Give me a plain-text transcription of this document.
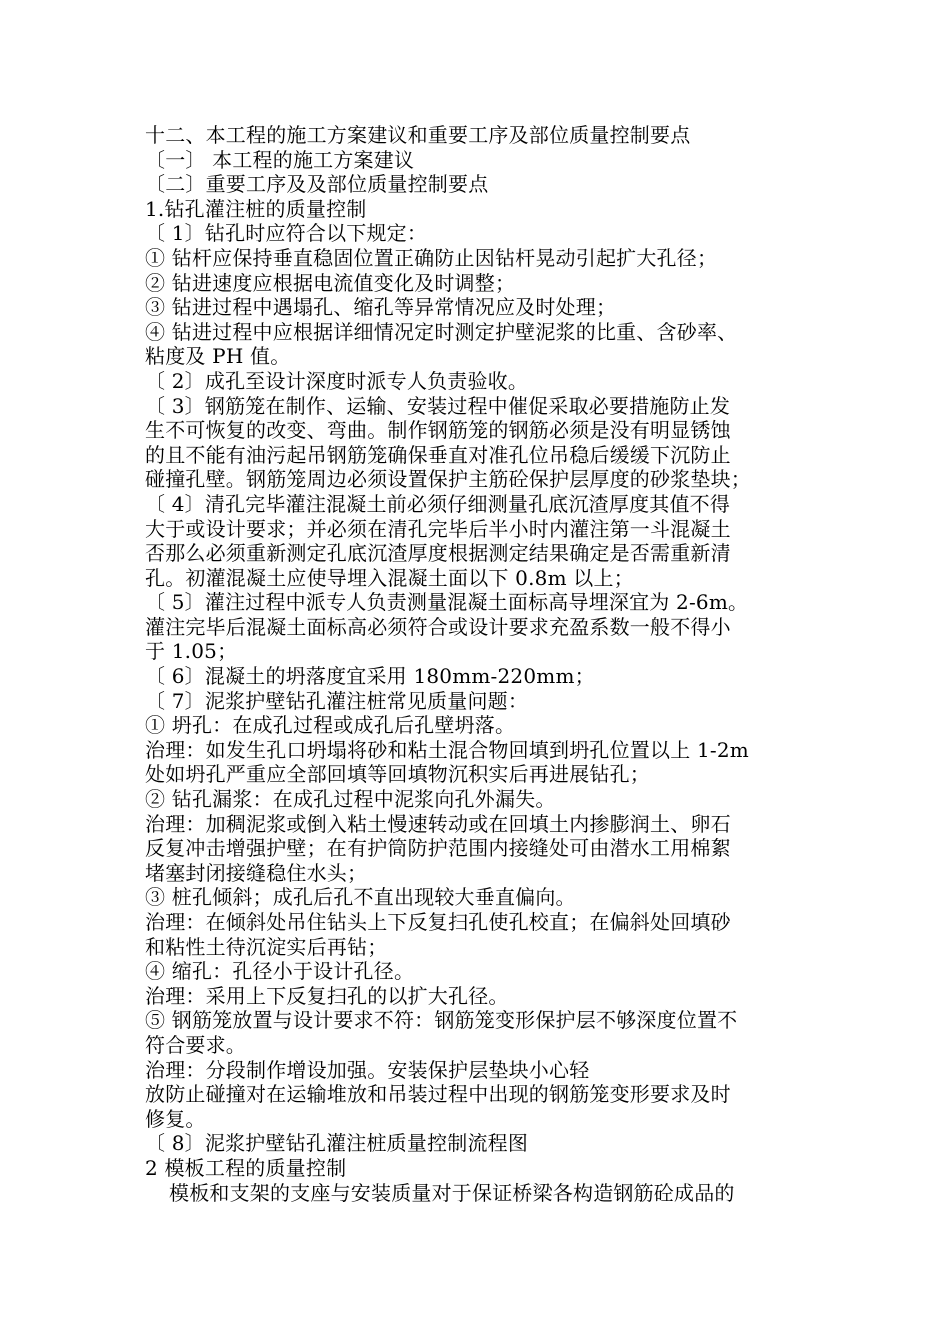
十二、本工程的施工方案建议和重要工序及部位质量控制要点
〔一〕 本工程的施工方案建议
〔二〕重要工序及及部位质量控制要点
1.钻孔灌注桩的质量控制
〔 1〕钻孔时应符合以下规定：
① 钻杆应保持垂直稳固位置正确防止因钻杆晃动引起扩大孔径；
② 钻进速度应根据电流值变化及时调整；
③ 钻进过程中遇塌孔、缩孔等异常情况应及时处理；
④ 钻进过程中应根据详细情况定时测定护壁泥浆的比重、含砂率、
粘度及 PH 值。
〔 2〕成孔至设计深度时派专人负责验收。
〔 3〕钢筋笼在制作、运输、安装过程中催促采取必要措施防止发
生不可恢复的改变、弯曲。制作钢筋笼的钢筋必须是没有明显锈蚀
的且不能有油污起吊钢筋笼确保垂直对准孔位吊稳后缓缓下沉防止
碰撞孔壁。钢筋笼周边必须设置保护主筋砼保护层厚度的砂浆垫块；
〔 4〕清孔完毕灌注混凝土前必须仔细测量孔底沉渣厚度其值不得
大于或设计要求；并必须在清孔完毕后半小时内灌注第一斗混凝土
否那么必须重新测定孔底沉渣厚度根据测定结果确定是否需重新清
孔。初灌混凝土应使导埋入混凝土面以下 0.8m 以上；
〔 5〕灌注过程中派专人负责测量混凝土面标高导埋深宜为 2-6m。
灌注完毕后混凝土面标高必须符合或设计要求充盈系数一般不得小
于 1.05；
〔 6〕混凝土的坍落度宜采用 180mm-220mm；
〔 7〕泥浆护壁钻孔灌注桩常见质量问题：
① 坍孔：在成孔过程或成孔后孔壁坍落。
治理：如发生孔口坍塌将砂和粘土混合物回填到坍孔位置以上 1-2m
处如坍孔严重应全部回填等回填物沉积实后再进展钻孔；
② 钻孔漏浆：在成孔过程中泥浆向孔外漏失。
治理：加稠泥浆或倒入粘土慢速转动或在回填土内掺膨润土、卵石
反复冲击增强护壁；在有护筒防护范围内接缝处可由潜水工用棉絮
堵塞封闭接缝稳住水头；
③ 桩孔倾斜；成孔后孔不直出现较大垂直偏向。
治理：在倾斜处吊住钻头上下反复扫孔使孔校直；在偏斜处回填砂
和粘性土待沉淀实后再钻；
④ 缩孔：孔径小于设计孔径。
治理：采用上下反复扫孔的以扩大孔径。
⑤ 钢筋笼放置与设计要求不符：钢筋笼变形保护层不够深度位置不
符合要求。
治理：分段制作增设加强。安装保护层垫块小心轻
放防止碰撞对在运输堆放和吊装过程中出现的钢筋笼变形要求及时
修复。
〔 8〕泥浆护壁钻孔灌注桩质量控制流程图
2 模板工程的质量控制
模板和支架的支座与安装质量对于保证桥梁各构造钢筋砼成品的
